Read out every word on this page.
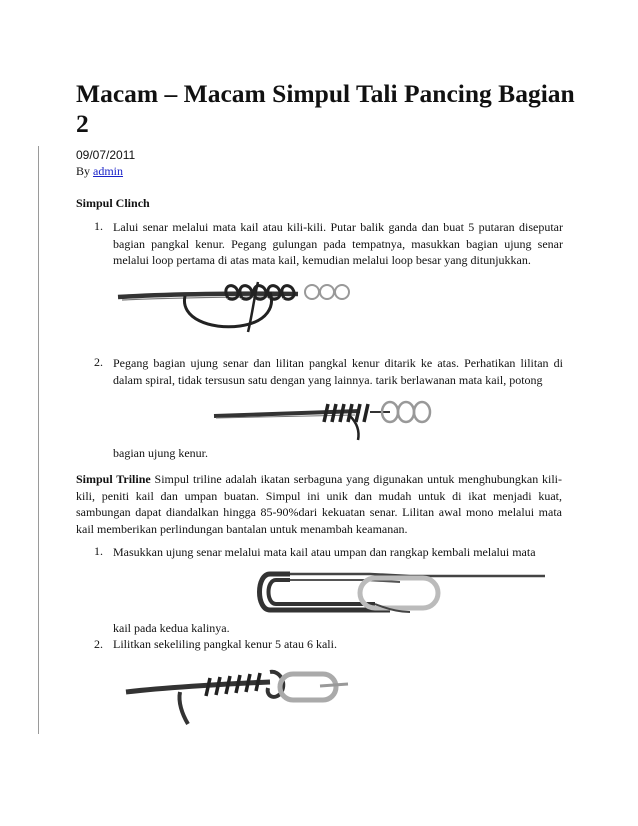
Macam – Macam Simpul Tali Pancing Bagian 2
09/07/2011
By admin
Simpul Clinch
1. Lalui senar melalui mata kail atau kili-kili. Putar balik ganda dan buat 5 putaran diseputar bagian pangkal kenur. Pegang gulungan pada tempatnya, masukkan bagian ujung senar melalui loop pertama di atas mata kail, kemudian melalui loop besar yang ditunjukkan.

2. Pegang bagian ujung senar dan lilitan pangkal kenur ditarik ke atas. Perhatikan lilitan di dalam spiral, tidak tersusun satu dengan yang lainnya. tarik berlawanan mata kail, potong

bagian ujung kenur.

Simpul Triline Simpul triline adalah ikatan serbaguna yang digunakan untuk menghubungkan kili-kili, peniti kail dan umpan buatan. Simpul ini unik dan mudah untuk di ikat menjadi kuat, sambungan dapat diandalkan hingga 85-90%dari kekuatan senar. Lilitan awal mono melalui mata kail memberikan perlindungan bantalan untuk menambah keamanan.

1. Masukkan ujung senar melalui mata kail atau umpan dan rangkap kembali melalui mata

kail pada kedua kalinya.
2. Lilitkan sekeliling pangkal kenur 5 atau 6 kali.
